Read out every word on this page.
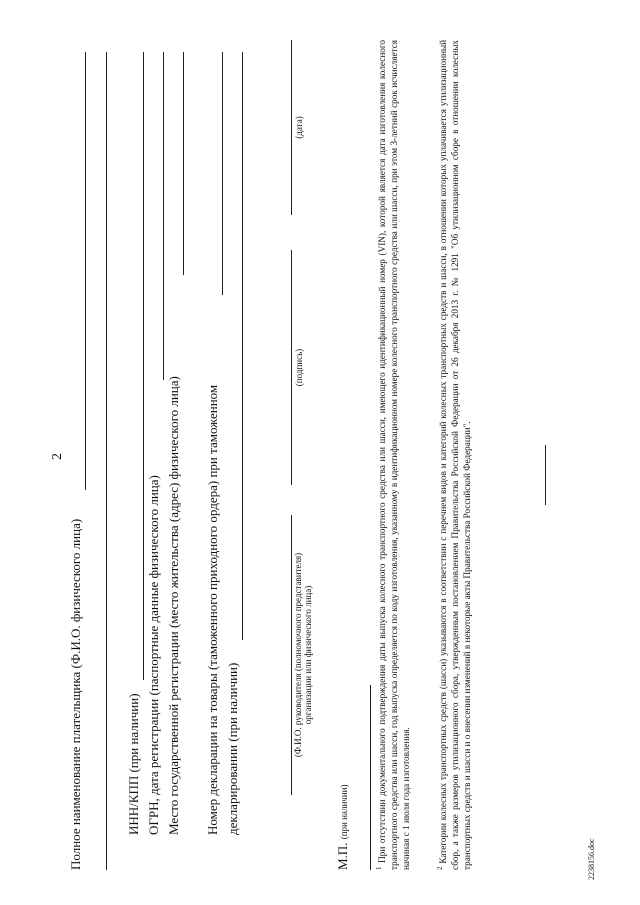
2
Полное наименование плательщика (Ф.И.О. физического лица)	ИНН/КПП (при наличии) ОГРН, дата регистрации (паспортные данные физического лица) Место государственной регистрации (место жительства (адрес) физического лица) Номер декларации на товары (таможенного приходного ордера) при таможенном декларировании (при наличии)	(Ф.И.О. руководителя (полномочного представителя) организации или физического лица)
(подпись)
(дата)
М.П. (при наличии)
$^1$ При отсутствии документального подтверждения даты выпуска колесного транспортного средства или шасси, имеющего идентификационный номер (VIN), которой является дата изготовления колесного транспортного средства или шасси, год выпуска определяется по коду изготовления, указанному в идентификационном номере колесного транспортного средства или шасси, при этом 3-летний срок исчисляется начиная с 1 июля года изготовления.	$^2$ Категории колесных транспортных средств (шасси) указываются в соответствии с перечнем видов и категорий колесных транспортных средств и шасси, в отношении которых уплачивается утилизационный сбор, а также размеров утилизационного сбора, утвержденным постановлением Правительства Российской Федерации от 26 декабря 2013 г. № 1291 "Об утилизационном сборе в отношении колесных транспортных средств и шасси и о внесении изменений в некоторые акты Правительства Российской Федерации".	2238156.doc
